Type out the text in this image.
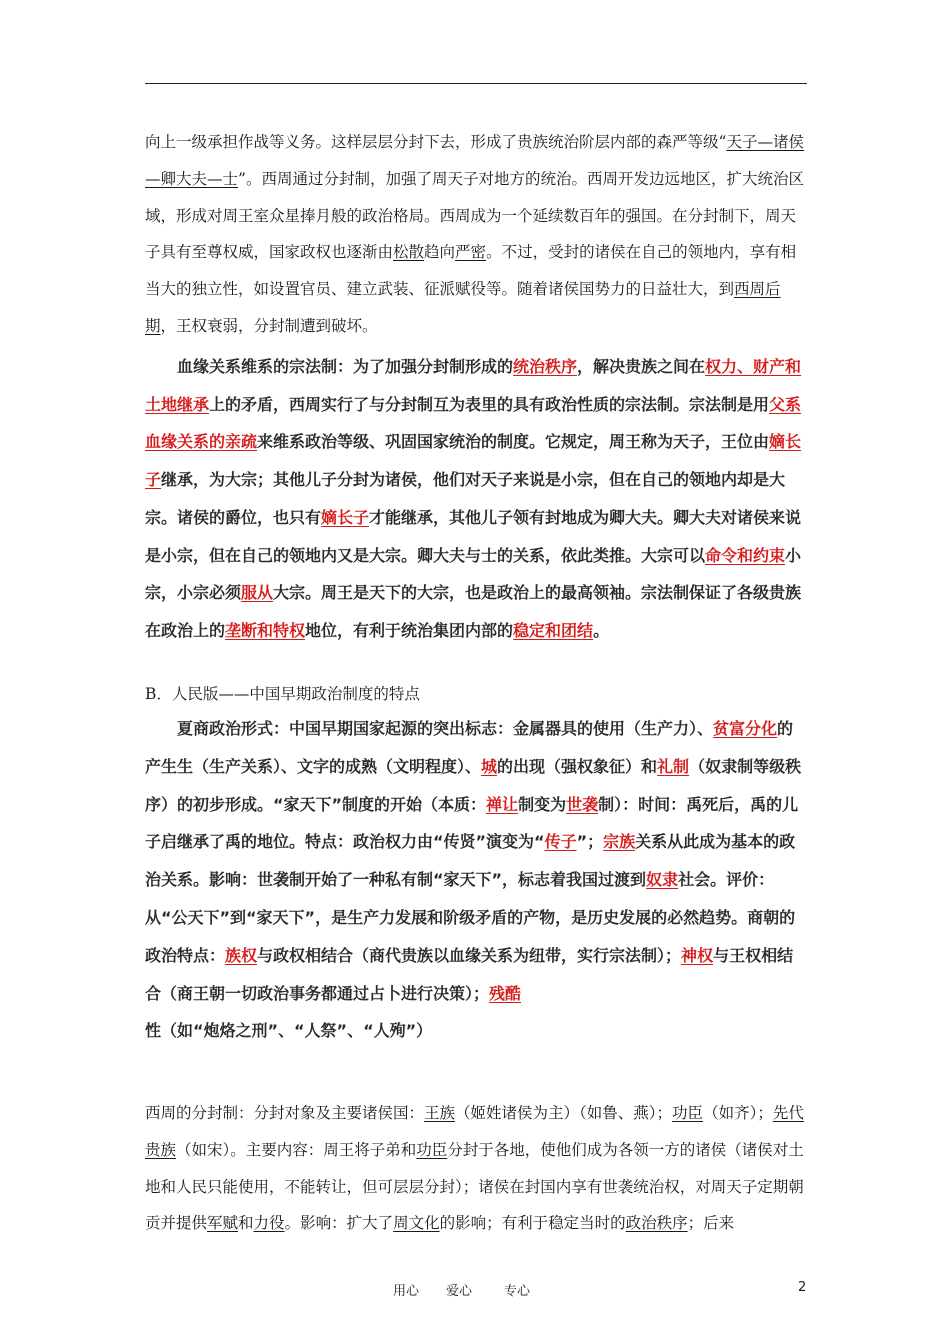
向上一级承担作战等义务。这样层层分封下去，形成了贵族统治阶层内部的森严等级“天子—诸侯—卿大夫—士”。西周通过分封制，加强了周天子对地方的统治。西周开发边远地区，扩大统治区域，形成对周王室众星捧月般的政治格局。西周成为一个延续数百年的强国。在分封制下，周天子具有至尊权威，国家政权也逐渐由松散趋向严密。不过，受封的诸侯在自己的领地内，享有相当大的独立性，如设置官员、建立武装、征派赋役等。随着诸侯国势力的日益壮大，到西周后期，王权衰弱，分封制遭到破坏。

血缘关系维系的宗法制：为了加强分封制形成的统治秩序，解决贵族之间在权力、财产和土地继承上的矛盾，西周实行了与分封制互为表里的具有政治性质的宗法制。宗法制是用父系血缘关系的亲疏来维系政治等级、巩固国家统治的制度。它规定，周王称为天子，王位由嫡长子继承，为大宗；其他儿子分封为诸侯，他们对天子来说是小宗，但在自己的领地内却是大宗。诸侯的爵位，也只有嫡长子才能继承，其他儿子领有封地成为卿大夫。卿大夫对诸侯来说是小宗，但在自己的领地内又是大宗。卿大夫与士的关系，依此类推。大宗可以命令和约束小宗，小宗必须服从大宗。周王是天下的大宗，也是政治上的最高领袖。宗法制保证了各级贵族在政治上的垄断和特权地位，有利于统治集团内部的稳定和团结。

B．人民版——中国早期政治制度的特点

夏商政治形式：中国早期国家起源的突出标志：金属器具的使用（生产力）、贫富分化的产生生（生产关系）、文字的成熟（文明程度）、城的出现（强权象征）和礼制（奴隶制等级秩序）的初步形成。“家天下”制度的开始（本质：禅让制变为世袭制）：时间：禹死后，禹的儿子启继承了禹的地位。特点：政治权力由“传贤”演变为“传子”；宗族关系从此成为基本的政治关系。影响：世袭制开始了一种私有制“家天下”，标志着我国过渡到奴隶社会。评价：从“公天下”到“家天下”，是生产力发展和阶级矛盾的产物，是历史发展的必然趋势。商朝的政治特点：族权与政权相结合（商代贵族以血缘关系为纽带，实行宗法制）；神权与王权相结合（商王朝一切政治事务都通过占卜进行决策）；残酷性（如“炮烙之刑”、“人祭”、“人殉”）

西周的分封制：分封对象及主要诸侯国：王族（姬姓诸侯为主）（如鲁、燕）；功臣（如齐）；先代贵族（如宋）。主要内容：周王将子弟和功臣分封于各地，使他们成为各领一方的诸侯（诸侯对土地和人民只能使用，不能转让，但可层层分封）；诸侯在封国内享有世袭统治权，对周天子定期朝贡并提供军赋和力役。影响：扩大了周文化的影响；有利于稳定当时的政治秩序；后来

用心 爱心 专心	2
